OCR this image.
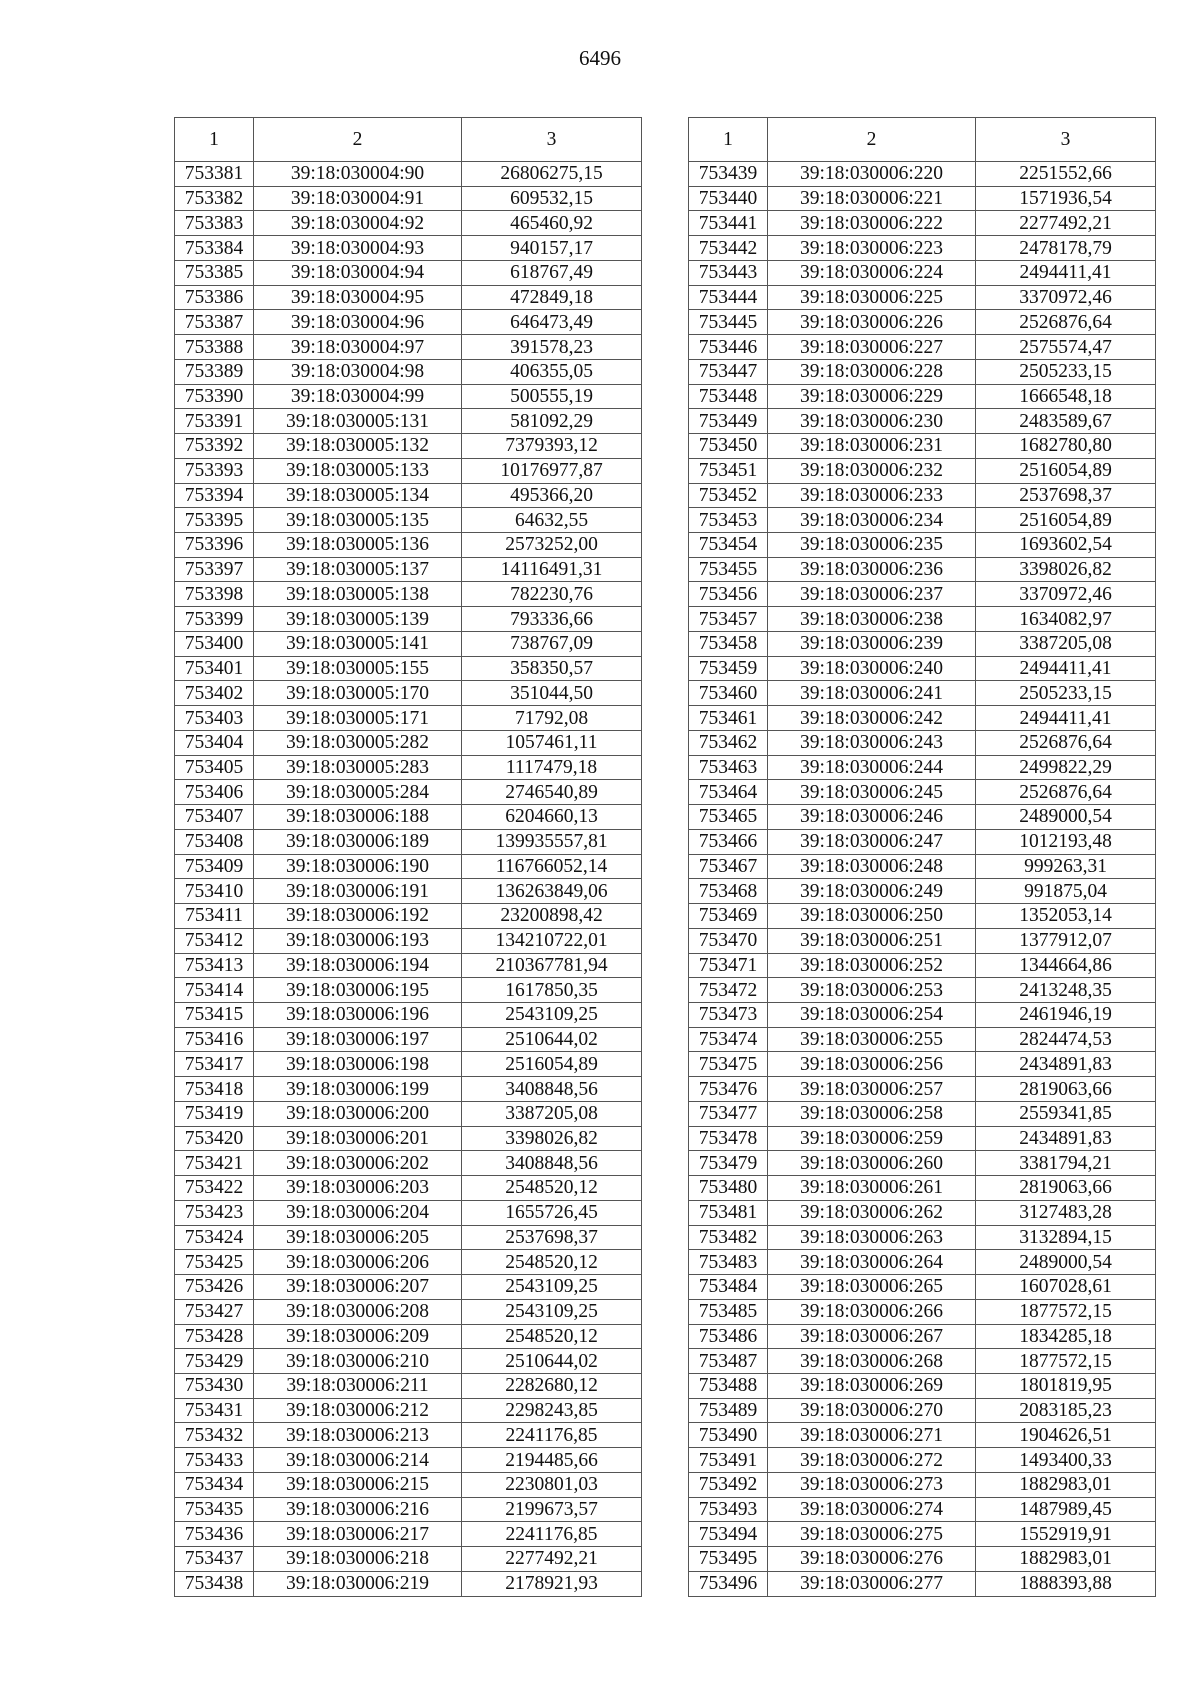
6496
1	2	3
753381	39:18:030004:90	26806275,15
753382	39:18:030004:91	609532,15
753383	39:18:030004:92	465460,92
753384	39:18:030004:93	940157,17
753385	39:18:030004:94	618767,49
753386	39:18:030004:95	472849,18
753387	39:18:030004:96	646473,49
753388	39:18:030004:97	391578,23
753389	39:18:030004:98	406355,05
753390	39:18:030004:99	500555,19
753391	39:18:030005:131	581092,29
753392	39:18:030005:132	7379393,12
753393	39:18:030005:133	10176977,87
753394	39:18:030005:134	495366,20
753395	39:18:030005:135	64632,55
753396	39:18:030005:136	2573252,00
753397	39:18:030005:137	14116491,31
753398	39:18:030005:138	782230,76
753399	39:18:030005:139	793336,66
753400	39:18:030005:141	738767,09
753401	39:18:030005:155	358350,57
753402	39:18:030005:170	351044,50
753403	39:18:030005:171	71792,08
753404	39:18:030005:282	1057461,11
753405	39:18:030005:283	1117479,18
753406	39:18:030005:284	2746540,89
753407	39:18:030006:188	6204660,13
753408	39:18:030006:189	139935557,81
753409	39:18:030006:190	116766052,14
753410	39:18:030006:191	136263849,06
753411	39:18:030006:192	23200898,42
753412	39:18:030006:193	134210722,01
753413	39:18:030006:194	210367781,94
753414	39:18:030006:195	1617850,35
753415	39:18:030006:196	2543109,25
753416	39:18:030006:197	2510644,02
753417	39:18:030006:198	2516054,89
753418	39:18:030006:199	3408848,56
753419	39:18:030006:200	3387205,08
753420	39:18:030006:201	3398026,82
753421	39:18:030006:202	3408848,56
753422	39:18:030006:203	2548520,12
753423	39:18:030006:204	1655726,45
753424	39:18:030006:205	2537698,37
753425	39:18:030006:206	2548520,12
753426	39:18:030006:207	2543109,25
753427	39:18:030006:208	2543109,25
753428	39:18:030006:209	2548520,12
753429	39:18:030006:210	2510644,02
753430	39:18:030006:211	2282680,12
753431	39:18:030006:212	2298243,85
753432	39:18:030006:213	2241176,85
753433	39:18:030006:214	2194485,66
753434	39:18:030006:215	2230801,03
753435	39:18:030006:216	2199673,57
753436	39:18:030006:217	2241176,85
753437	39:18:030006:218	2277492,21
753438	39:18:030006:219	2178921,93
1	2	3
753439	39:18:030006:220	2251552,66
753440	39:18:030006:221	1571936,54
753441	39:18:030006:222	2277492,21
753442	39:18:030006:223	2478178,79
753443	39:18:030006:224	2494411,41
753444	39:18:030006:225	3370972,46
753445	39:18:030006:226	2526876,64
753446	39:18:030006:227	2575574,47
753447	39:18:030006:228	2505233,15
753448	39:18:030006:229	1666548,18
753449	39:18:030006:230	2483589,67
753450	39:18:030006:231	1682780,80
753451	39:18:030006:232	2516054,89
753452	39:18:030006:233	2537698,37
753453	39:18:030006:234	2516054,89
753454	39:18:030006:235	1693602,54
753455	39:18:030006:236	3398026,82
753456	39:18:030006:237	3370972,46
753457	39:18:030006:238	1634082,97
753458	39:18:030006:239	3387205,08
753459	39:18:030006:240	2494411,41
753460	39:18:030006:241	2505233,15
753461	39:18:030006:242	2494411,41
753462	39:18:030006:243	2526876,64
753463	39:18:030006:244	2499822,29
753464	39:18:030006:245	2526876,64
753465	39:18:030006:246	2489000,54
753466	39:18:030006:247	1012193,48
753467	39:18:030006:248	999263,31
753468	39:18:030006:249	991875,04
753469	39:18:030006:250	1352053,14
753470	39:18:030006:251	1377912,07
753471	39:18:030006:252	1344664,86
753472	39:18:030006:253	2413248,35
753473	39:18:030006:254	2461946,19
753474	39:18:030006:255	2824474,53
753475	39:18:030006:256	2434891,83
753476	39:18:030006:257	2819063,66
753477	39:18:030006:258	2559341,85
753478	39:18:030006:259	2434891,83
753479	39:18:030006:260	3381794,21
753480	39:18:030006:261	2819063,66
753481	39:18:030006:262	3127483,28
753482	39:18:030006:263	3132894,15
753483	39:18:030006:264	2489000,54
753484	39:18:030006:265	1607028,61
753485	39:18:030006:266	1877572,15
753486	39:18:030006:267	1834285,18
753487	39:18:030006:268	1877572,15
753488	39:18:030006:269	1801819,95
753489	39:18:030006:270	2083185,23
753490	39:18:030006:271	1904626,51
753491	39:18:030006:272	1493400,33
753492	39:18:030006:273	1882983,01
753493	39:18:030006:274	1487989,45
753494	39:18:030006:275	1552919,91
753495	39:18:030006:276	1882983,01
753496	39:18:030006:277	1888393,88
